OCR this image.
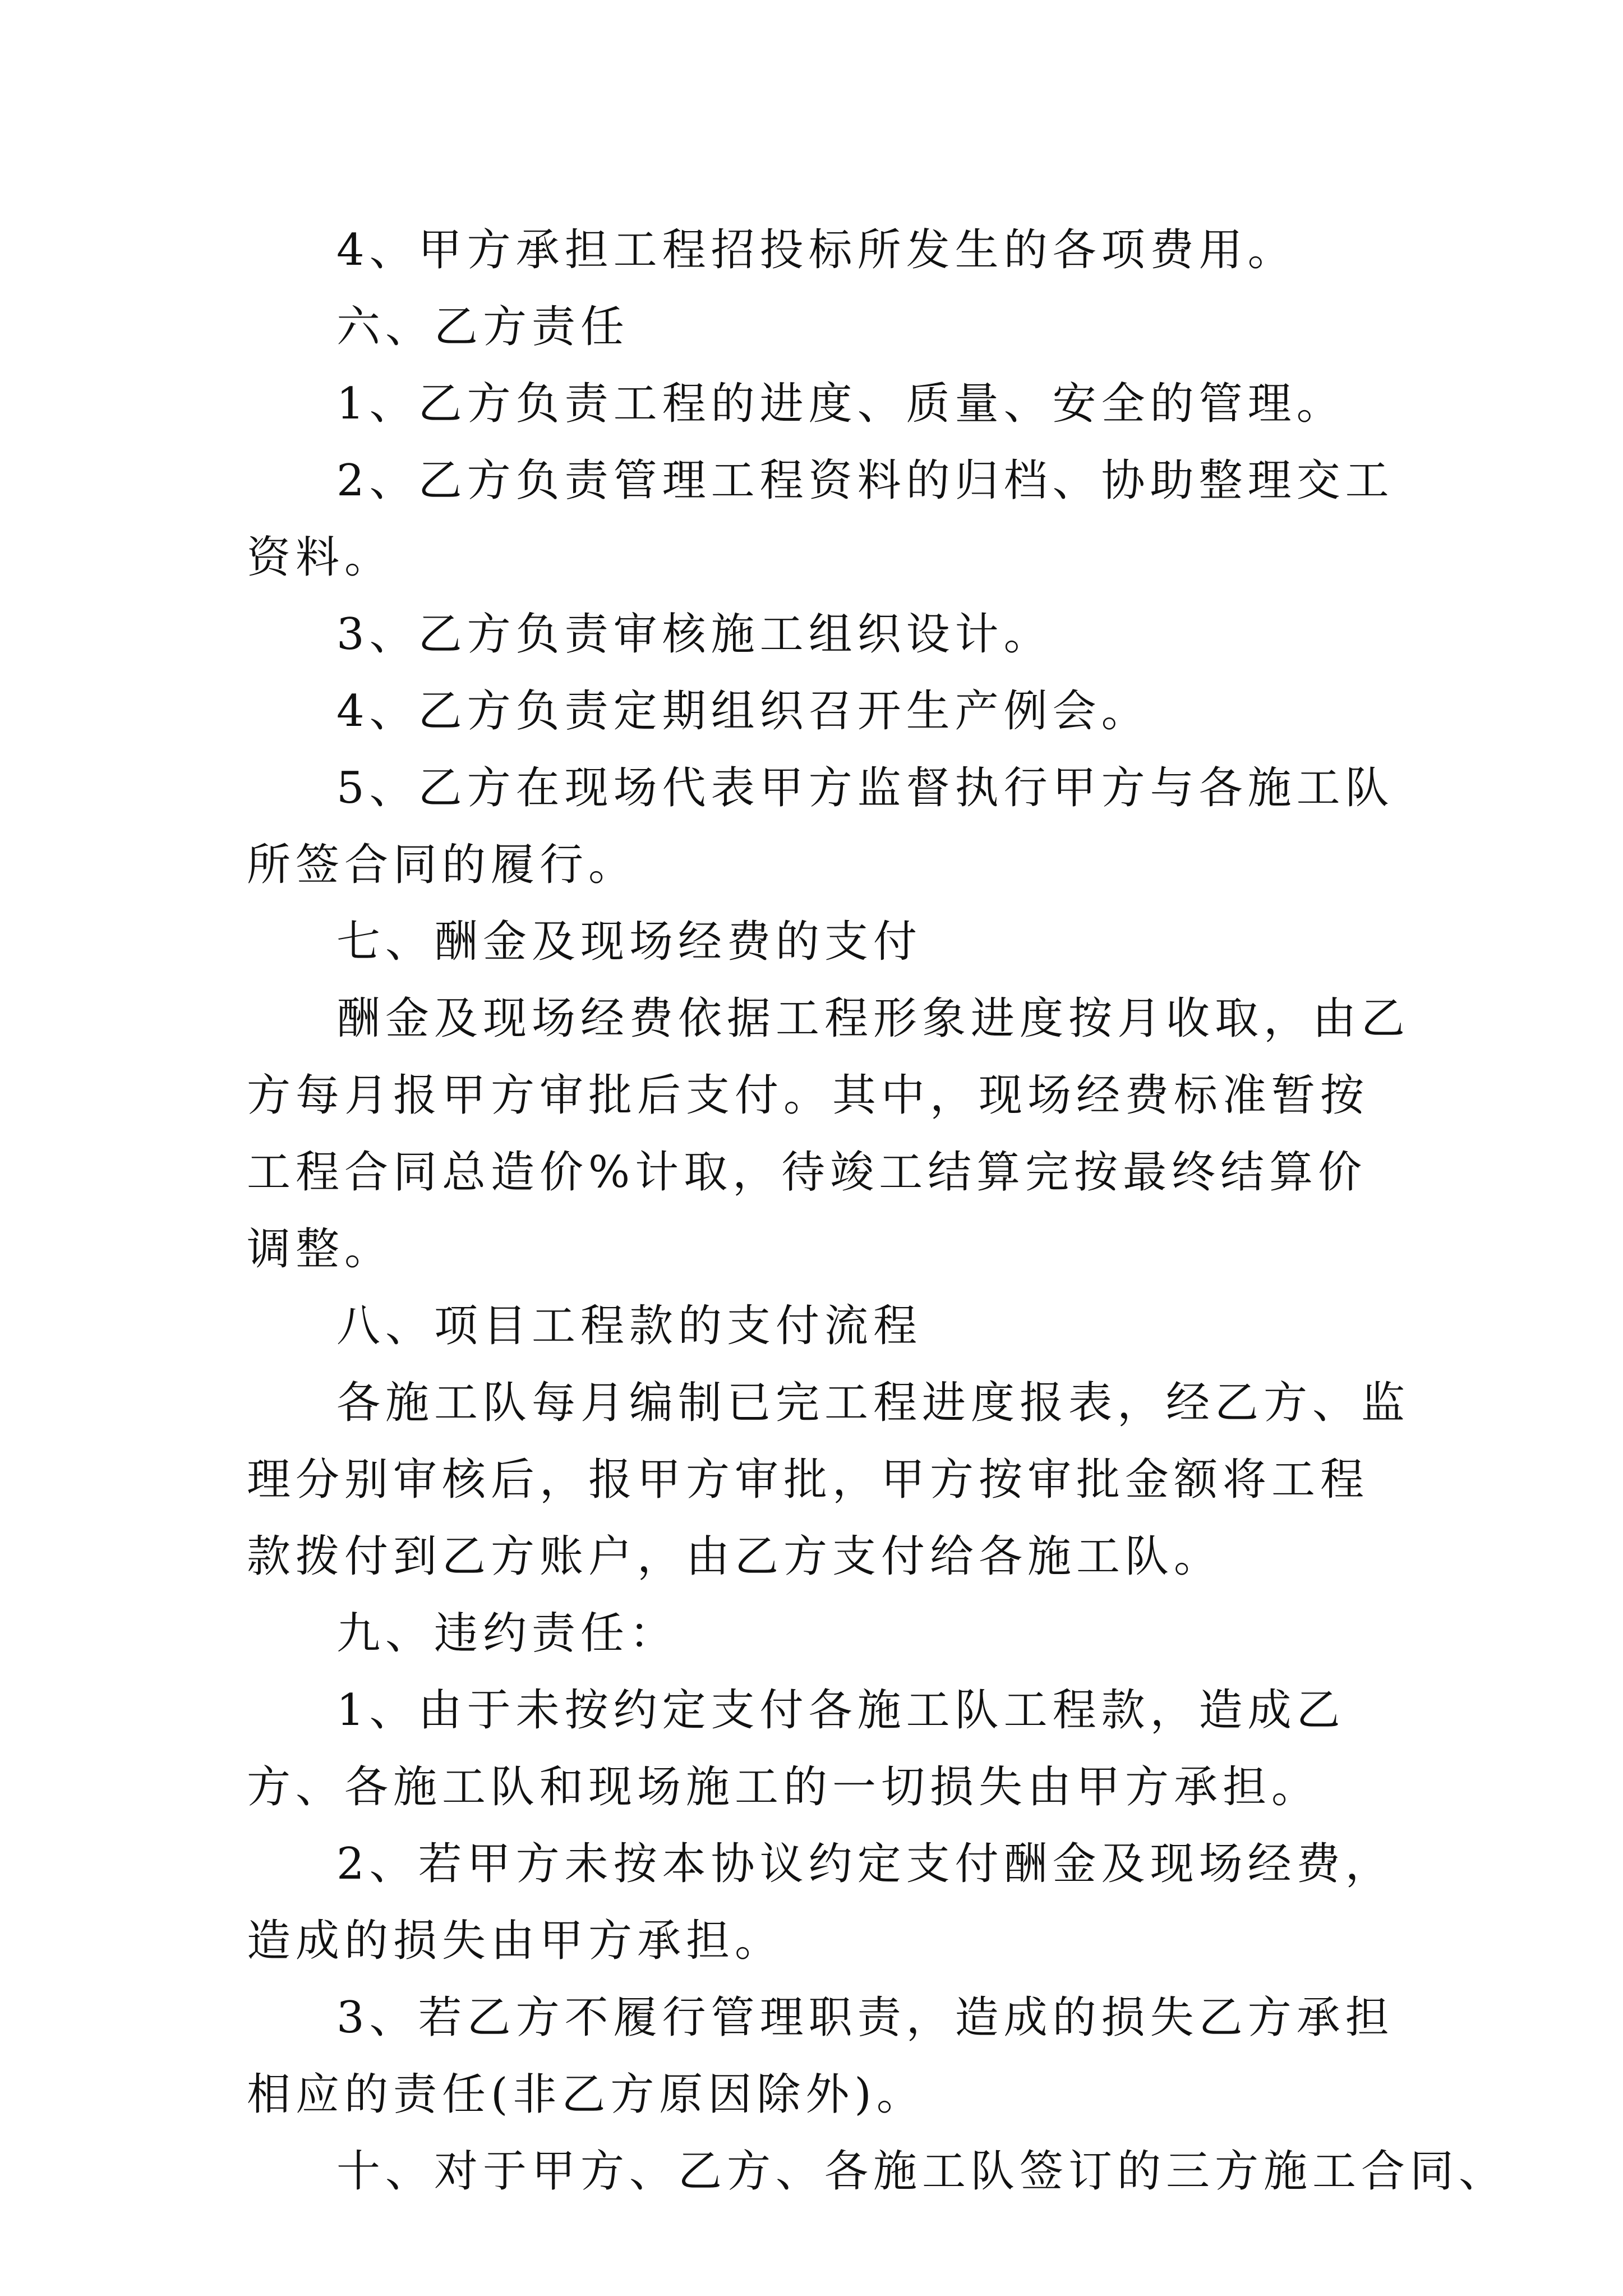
4、甲方承担工程招投标所发生的各项费用。

六、乙方责任

1、乙方负责工程的进度、质量、安全的管理。

2、乙方负责管理工程资料的归档、协助整理交工资料。

3、乙方负责审核施工组织设计。

4、乙方负责定期组织召开生产例会。

5、乙方在现场代表甲方监督执行甲方与各施工队所签合同的履行。

七、酬金及现场经费的支付

酬金及现场经费依据工程形象进度按月收取，由乙方每月报甲方审批后支付。其中，现场经费标准暂按工程合同总造价%计取，待竣工结算完按最终结算价调整。

八、项目工程款的支付流程

各施工队每月编制已完工程进度报表，经乙方、监理分别审核后，报甲方审批，甲方按审批金额将工程款拨付到乙方账户，由乙方支付给各施工队。

九、违约责任：

1、由于未按约定支付各施工队工程款，造成乙方、各施工队和现场施工的一切损失由甲方承担。

2、若甲方未按本协议约定支付酬金及现场经费，造成的损失由甲方承担。

3、若乙方不履行管理职责，造成的损失乙方承担相应的责任(非乙方原因除外)。

十、对于甲方、乙方、各施工队签订的三方施工合同、
